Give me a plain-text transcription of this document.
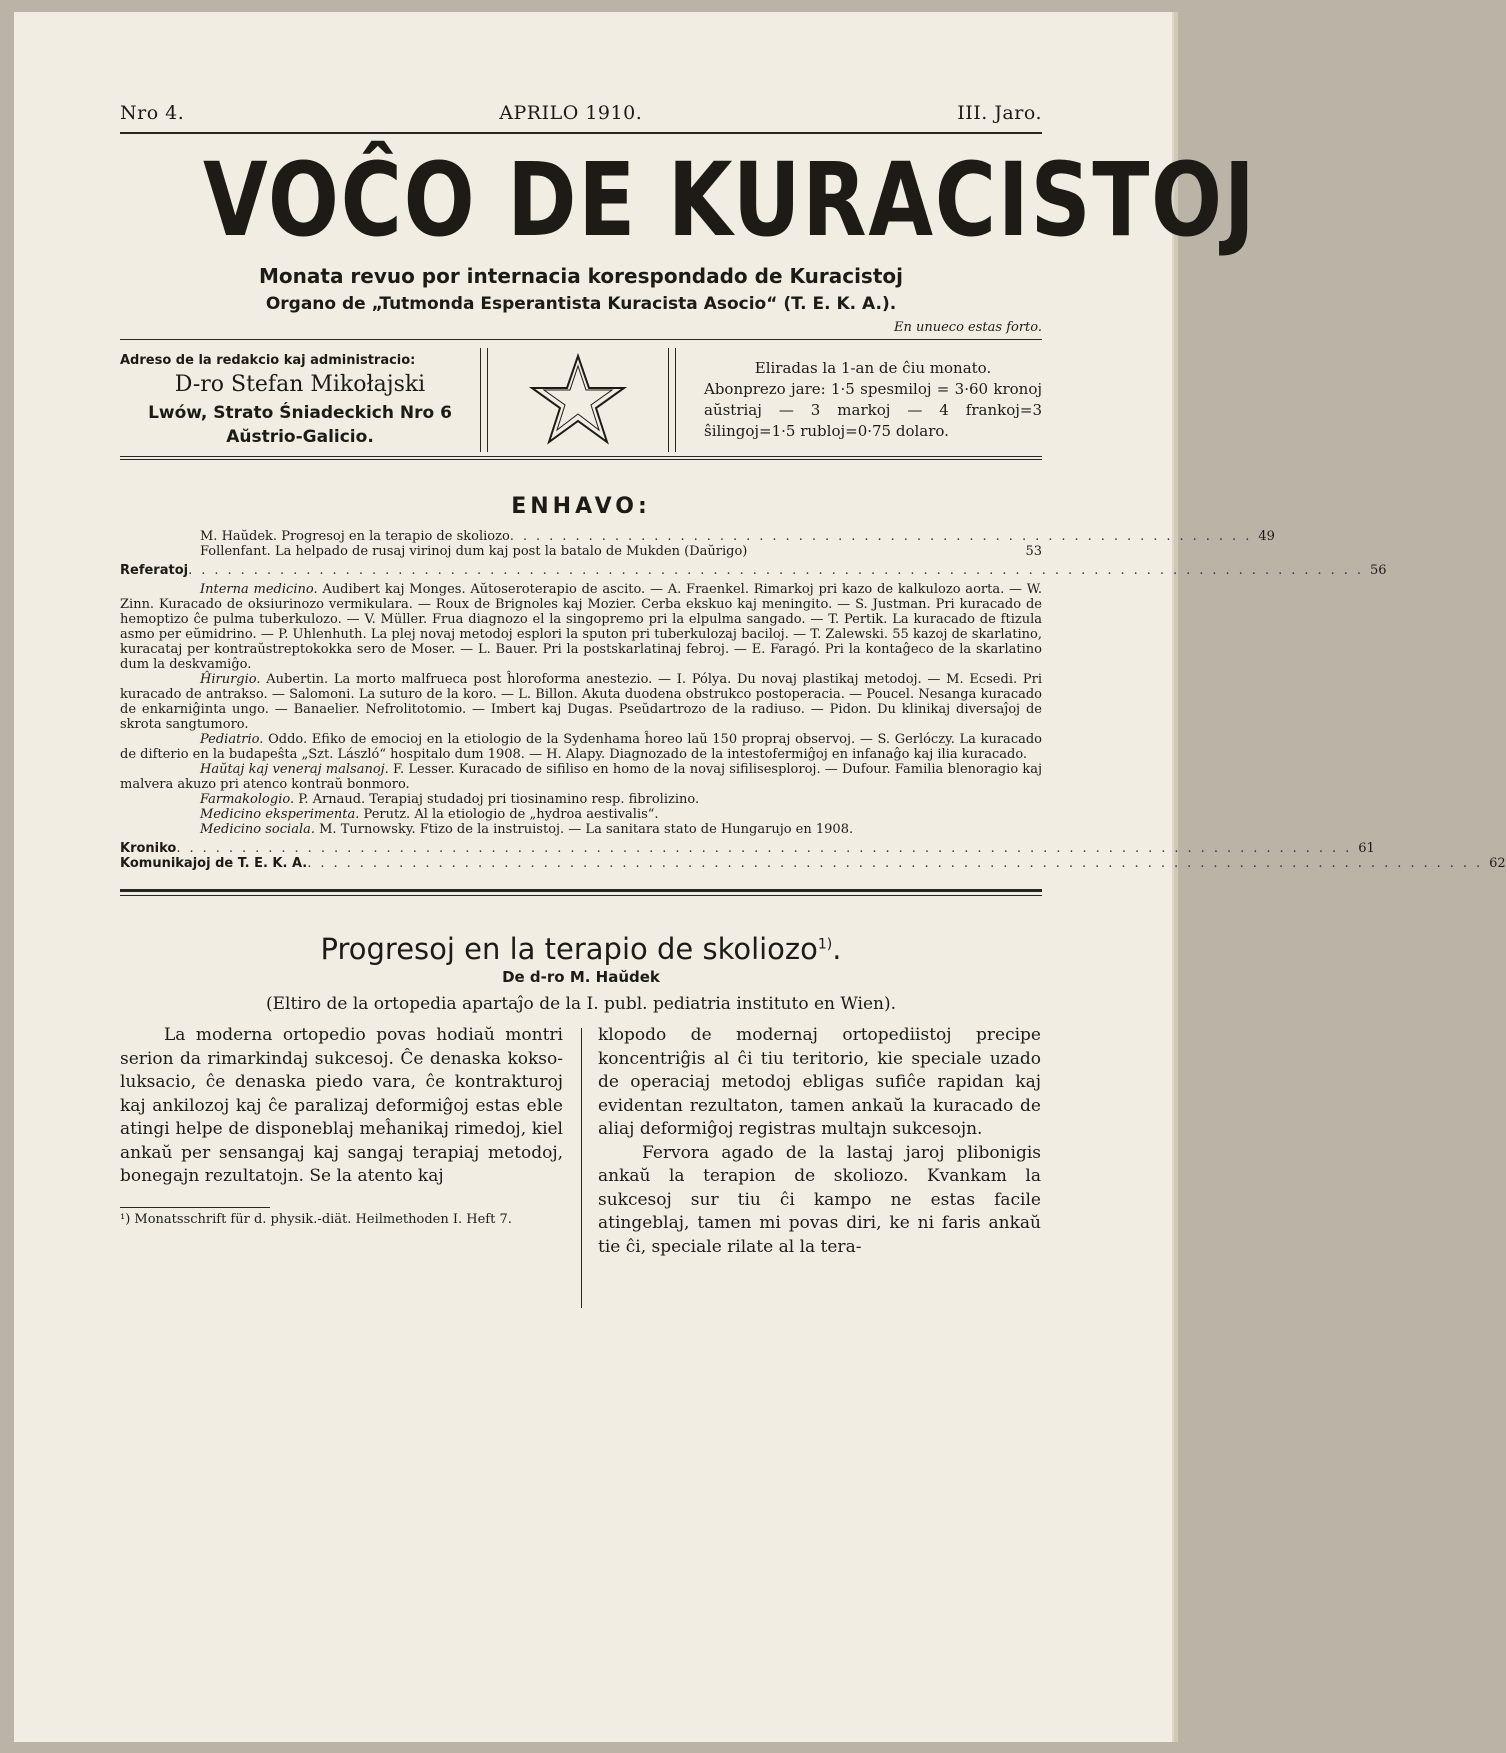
Nro 4.	APRILO 1910.	III. Jaro.
VOĈO DE KURACISTOJ
Monata revuo por internacia korespondado de Kuracistoj
Organo de „Tutmonda Esperantista Kuracista Asocio“ (T. E. K. A.).
En unueco estas forto.
Adreso de la redakcio kaj administracio:
D-ro Stefan Mikołajski
Lwów, Strato Śniadeckich Nro 6
Aŭstrio-Galicio.
Eliradas la 1-an de ĉiu monato.
Abonprezo jare: 1·5 spesmiloj = 3·60 kronoj aŭstriaj — 3 markoj — 4 frankoj=3 ŝilingoj=1·5 rubloj=0·75 dolaro.
ENHAVO:
M. Haŭdek. Progresoj en la terapio de skoliozo ......................................................... 49
Follenfant. La helpado de rusaj virinoj dum kaj post la batalo de Mukden (Daŭrigo)	53
Referatoj .......................................................................................... 56

Interna medicino. Audibert kaj Monges. Aŭtoseroterapio de ascito. — A. Fraenkel. Rimarkoj pri kazo de kalkulozo aorta. — W. Zinn. Kuracado de oksiurinozo vermikulara. — Roux de Brignoles kaj Mozier. Cerba ekskuo kaj meningito. — S. Justman. Pri kuracado de hemoptizo ĉe pulma tuberkulozo. — V. Müller. Frua diagnozo el la singopremo pri la elpulma sangado. — T. Pertik. La kuracado de ftizula asmo per eŭmidrino. — P. Uhlenhuth. La plej novaj metodoj esplori la sputon pri tuberkulozaj baciloj. — T. Zalewski. 55 kazoj de skarlatino, kuracataj per kontraŭstreptokokka sero de Moser. — L. Bauer. Pri la postskarlatinaj febroj. — E. Faragó. Pri la kontaĝeco de la skarlatino dum la deskvamiĝo.

Ĥirurgio. Aubertin. La morto malfrueca post ĥloroforma anestezio. — I. Pólya. Du novaj plastikaj metodoj. — M. Ecsedi. Pri kuracado de antrakso. — Salomoni. La suturo de la koro. — L. Billon. Akuta duodena obstrukco postoperacia. — Poucel. Nesanga kuracado de enkarniĝinta ungo. — Banaelier. Nefrolitotomio. — Imbert kaj Dugas. Pseŭdartrozo de la radiuso. — Pidon. Du klinikaj diversaĵoj de skrota sangtumoro.

Pediatrio. Oddo. Efiko de emocioj en la etiologio de la Sydenhama ĥoreo laŭ 150 propraj observoj. — S. Gerlóczy. La kuracado de difterio en la budapeŝta „Szt. László“ hospitalo dum 1908. — H. Alapy. Diagnozado de la intestofermiĝoj en infanaĝo kaj ilia kuracado.

Haŭtaj kaj veneraj malsanoj. F. Lesser. Kuracado de sifiliso en homo de la novaj sifilisesploroj. — Dufour. Familia blenoragio kaj malvera akuzo pri atenco kontraŭ bonmoro.

Farmakologio. P. Arnaud. Terapiaj studadoj pri tiosinamino resp. fibrolizino.

Medicino eksperimenta. Perutz. Al la etiologio de „hydroa aestivalis“.

Medicino sociala. M. Turnowsky. Ftizo de la instruistoj. — La sanitara stato de Hungarujo en 1908.

Kroniko .......................................................................................... 61
Komunikajoj de T. E. K. A. .......................................................................................... 62
Progresoj en la terapio de skoliozo$^{1)}$.
De d-ro M. Haŭdek
(Eltiro de la ortopedia apartaĵo de la I. publ. pediatria instituto en Wien).

La moderna ortopedio povas hodiaŭ montri serion da rimarkindaj sukcesoj. Ĉe denaska kokso-luksacio, ĉe denaska piedo vara, ĉe kontrakturoj kaj ankilozoj kaj ĉe paralizaj deformiĝoj estas eble atingi helpe de disponeblaj meĥanikaj rimedoj, kiel ankaŭ per sensangaj kaj sangaj terapiaj metodoj, bonegajn rezultatojn. Se la atento kaj

¹) Monatsschrift für d. physik.-diät. Heilmethoden I. Heft 7.

klopodo de modernaj ortopediistoj precipe koncentriĝis al ĉi tiu teritorio, kie speciale uzado de operaciaj metodoj ebligas sufiĉe rapidan kaj evidentan rezultaton, tamen ankaŭ la kuracado de aliaj deformiĝoj registras multajn sukcesojn.

Fervora agado de la lastaj jaroj plibonigis ankaŭ la terapion de skoliozo. Kvankam la sukcesoj sur tiu ĉi kampo ne estas facile atingeblaj, tamen mi povas diri, ke ni faris ankaŭ tie ĉi, speciale rilate al la tera-
